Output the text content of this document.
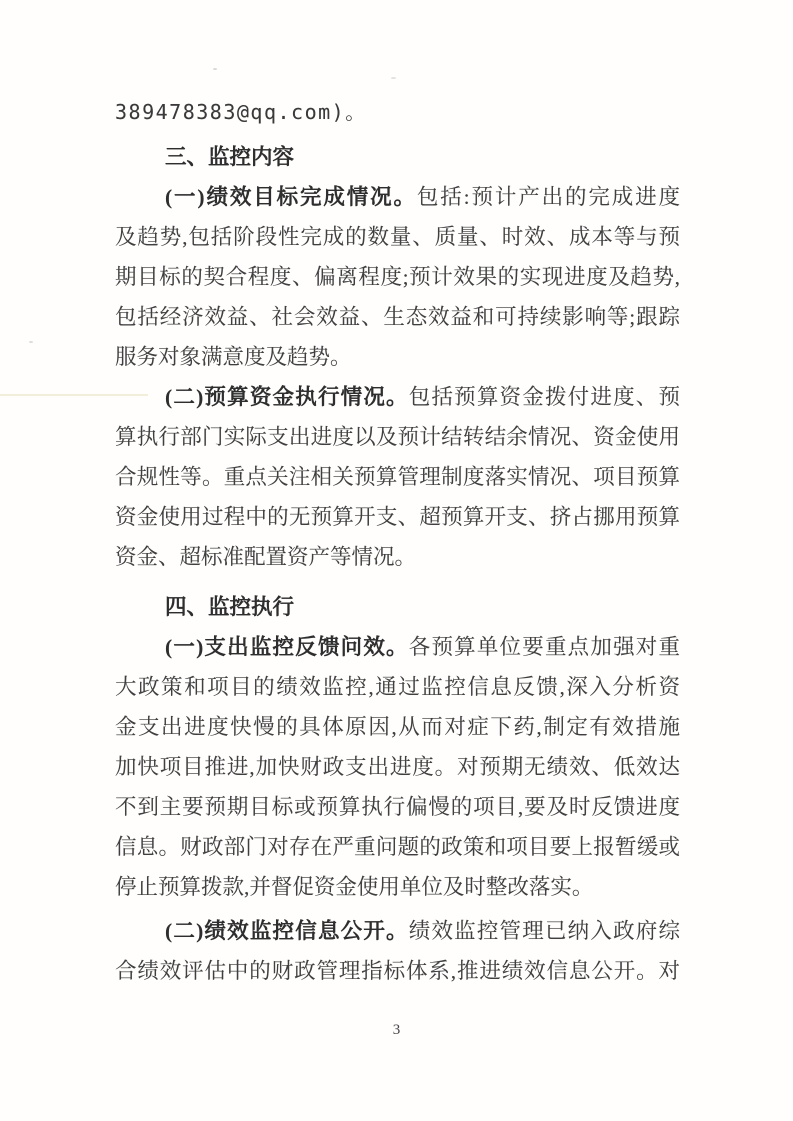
389478383@qq.com)。
三、监控内容
(一)绩效目标完成情况。包括:预计产出的完成进度
及趋势,包括阶段性完成的数量、质量、时效、成本等与预
期目标的契合程度、偏离程度;预计效果的实现进度及趋势,
包括经济效益、社会效益、生态效益和可持续影响等;跟踪
服务对象满意度及趋势。
(二)预算资金执行情况。包括预算资金拨付进度、预
算执行部门实际支出进度以及预计结转结余情况、资金使用
合规性等。重点关注相关预算管理制度落实情况、项目预算
资金使用过程中的无预算开支、超预算开支、挤占挪用预算
资金、超标准配置资产等情况。
四、监控执行
(一)支出监控反馈问效。各预算单位要重点加强对重
大政策和项目的绩效监控,通过监控信息反馈,深入分析资
金支出进度快慢的具体原因,从而对症下药,制定有效措施
加快项目推进,加快财政支出进度。对预期无绩效、低效达
不到主要预期目标或预算执行偏慢的项目,要及时反馈进度
信息。财政部门对存在严重问题的政策和项目要上报暂缓或
停止预算拨款,并督促资金使用单位及时整改落实。
(二)绩效监控信息公开。绩效监控管理已纳入政府综
合绩效评估中的财政管理指标体系,推进绩效信息公开。对
3
